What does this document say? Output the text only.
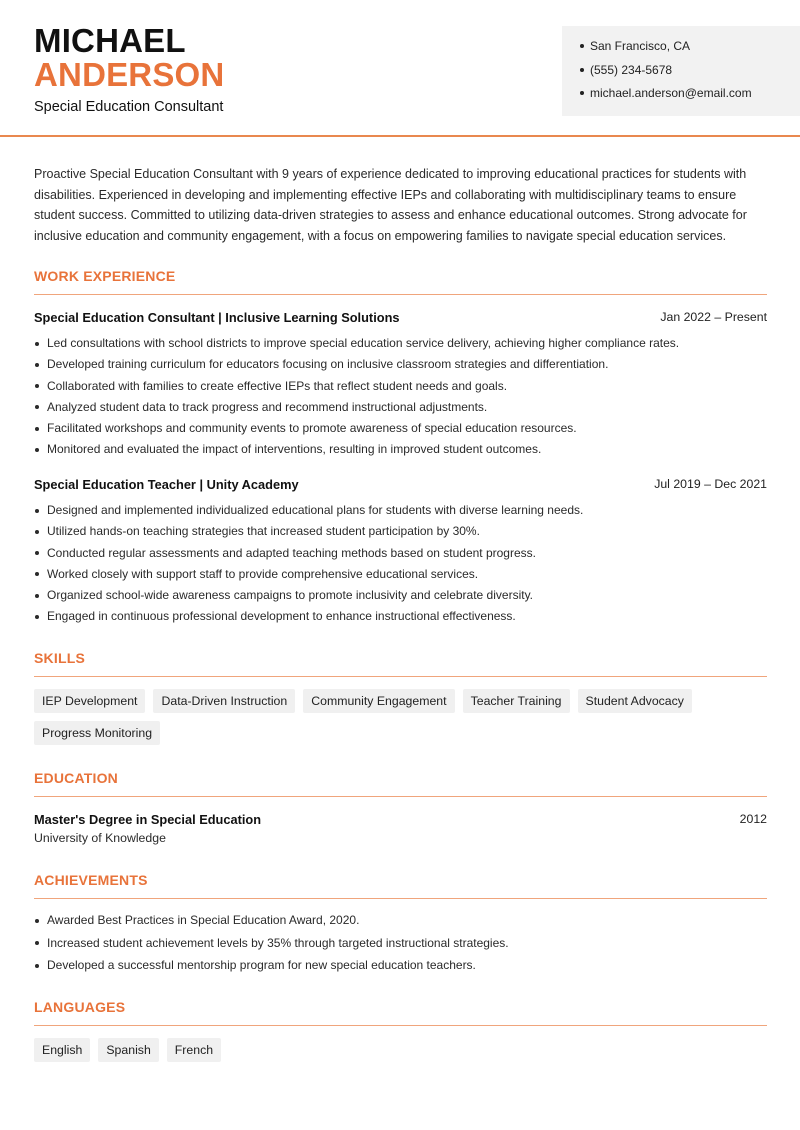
MICHAEL
ANDERSON
Special Education Consultant
San Francisco, CA
(555) 234-5678
michael.anderson@email.com

Proactive Special Education Consultant with 9 years of experience dedicated to improving educational practices for students with disabilities. Experienced in developing and implementing effective IEPs and collaborating with multidisciplinary teams to ensure student success. Committed to utilizing data-driven strategies to assess and enhance educational outcomes. Strong advocate for inclusive education and community engagement, with a focus on empowering families to navigate special education services.

WORK EXPERIENCE
Special Education Consultant | Inclusive Learning Solutions	Jan 2022 – Present
Led consultations with school districts to improve special education service delivery, achieving higher compliance rates.
Developed training curriculum for educators focusing on inclusive classroom strategies and differentiation.
Collaborated with families to create effective IEPs that reflect student needs and goals.
Analyzed student data to track progress and recommend instructional adjustments.
Facilitated workshops and community events to promote awareness of special education resources.
Monitored and evaluated the impact of interventions, resulting in improved student outcomes.
Special Education Teacher | Unity Academy	Jul 2019 – Dec 2021
Designed and implemented individualized educational plans for students with diverse learning needs.
Utilized hands-on teaching strategies that increased student participation by 30%.
Conducted regular assessments and adapted teaching methods based on student progress.
Worked closely with support staff to provide comprehensive educational services.
Organized school-wide awareness campaigns to promote inclusivity and celebrate diversity.
Engaged in continuous professional development to enhance instructional effectiveness.
SKILLS
IEP Development	Data-Driven Instruction	Community Engagement	Teacher Training	Student Advocacy
Progress Monitoring
EDUCATION
Master's Degree in Special Education	2012
University of Knowledge
ACHIEVEMENTS
Awarded Best Practices in Special Education Award, 2020.
Increased student achievement levels by 35% through targeted instructional strategies.
Developed a successful mentorship program for new special education teachers.
LANGUAGES
English	Spanish	French
